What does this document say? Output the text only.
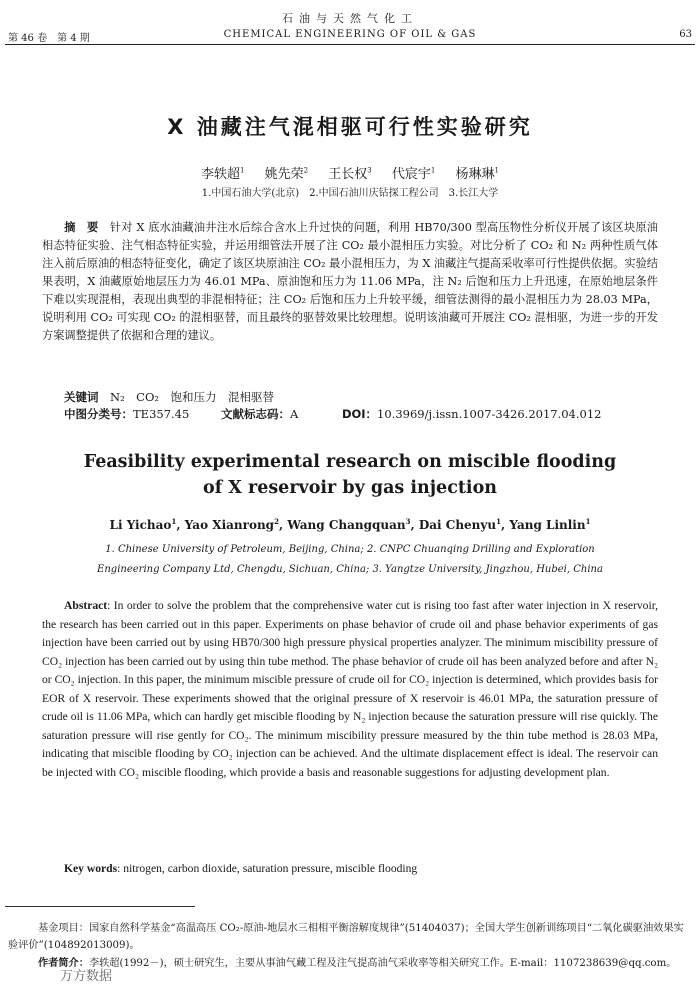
石油与天然气化工
CHEMICAL ENGINEERING OF OIL & GAS
第 46 卷　第 4 期	63
X 油藏注气混相驱可行性实验研究
李轶超$^1$ 姚先荣$^2$ 王长权$^3$ 代宸宇$^1$ 杨琳琳$^1$
1.中国石油大学(北京)　2.中国石油川庆钻探工程公司　3.长江大学
摘　要　 针对 X 底水油藏油井注水后综合含水上升过快的问题，利用 HB70/300 型高压物性分析仪开展了该区块原油相态特征实验、注气相态特征实验，并运用细管法开展了注 CO₂ 最小混相压力实验。对比分析了 CO₂ 和 N₂ 两种性质气体注入前后原油的相态特征变化，确定了该区块原油注 CO₂ 最小混相压力，为 X 油藏注气提高采收率可行性提供依据。实验结果表明，X 油藏原始地层压力为 46.01 MPa、原油饱和压力为 11.06 MPa，注 N₂ 后饱和压力上升迅速，在原始地层条件下难以实现混相，表现出典型的非混相特征；注 CO₂ 后饱和压力上升较平缓，细管法测得的最小混相压力为 28.03 MPa，说明利用 CO₂ 可实现 CO₂ 的混相驱替，而且最终的驱替效果比较理想。说明该油藏可开展注 CO₂ 混相驱，为进一步的开发方案调整提供了依据和合理的建议。
关键词　 N₂　CO₂　饱和压力　混相驱替
中图分类号：TE357.45	文献标志码：A	DOI：10.3969/j.issn.1007-3426.2017.04.012
Feasibility experimental research on miscible flooding
of X reservoir by gas injection
Li Yichao$^1$, Yao Xianrong$^2$, Wang Changquan$^3$, Dai Chenyu$^1$, Yang Linlin$^1$
1. Chinese University of Petroleum, Beijing, China; 2. CNPC Chuanqing Drilling and Exploration
Engineering Company Ltd, Chengdu, Sichuan, China; 3. Yangtze University, Jingzhou, Hubei, China
Abstract: In order to solve the problem that the comprehensive water cut is rising too fast after water injection in X reservoir, the research has been carried out in this paper. Experiments on phase behavior of crude oil and phase behavior experiments of gas injection have been carried out by using HB70/300 high pressure physical properties analyzer. The minimum miscibility pressure of CO₂ injection has been carried out by using thin tube method. The phase behavior of crude oil has been analyzed before and after N₂ or CO₂ injection. In this paper, the minimum miscible pressure of crude oil for CO₂ injection is determined, which provides basis for EOR of X reservoir. These experiments showed that the original pressure of X reservoir is 46.01 MPa, the saturation pressure of crude oil is 11.06 MPa, which can hardly get miscible flooding by N₂ injection because the saturation pressure will rise quickly. The saturation pressure will rise gently for CO₂. The minimum miscibility pressure measured by the thin tube method is 28.03 MPa, indicating that miscible flooding by CO₂ injection can be achieved. And the ultimate displacement effect is ideal. The reservoir can be injected with CO₂ miscible flooding, which provide a basis and reasonable suggestions for adjusting development plan.
Key words: nitrogen, carbon dioxide, saturation pressure, miscible flooding
基金项目：国家自然科学基金“高温高压 CO₂-原油-地层水三相相平衡溶解度规律”(51404037)；全国大学生创新训练项目“二氧化碳驱油效果实验评价”(104892013009)。
作者简介：李轶超(1992－)，硕士研究生，主要从事油气藏工程及注气提高油气采收率等相关研究工作。E-mail：1107238639@qq.com。
万方数据
